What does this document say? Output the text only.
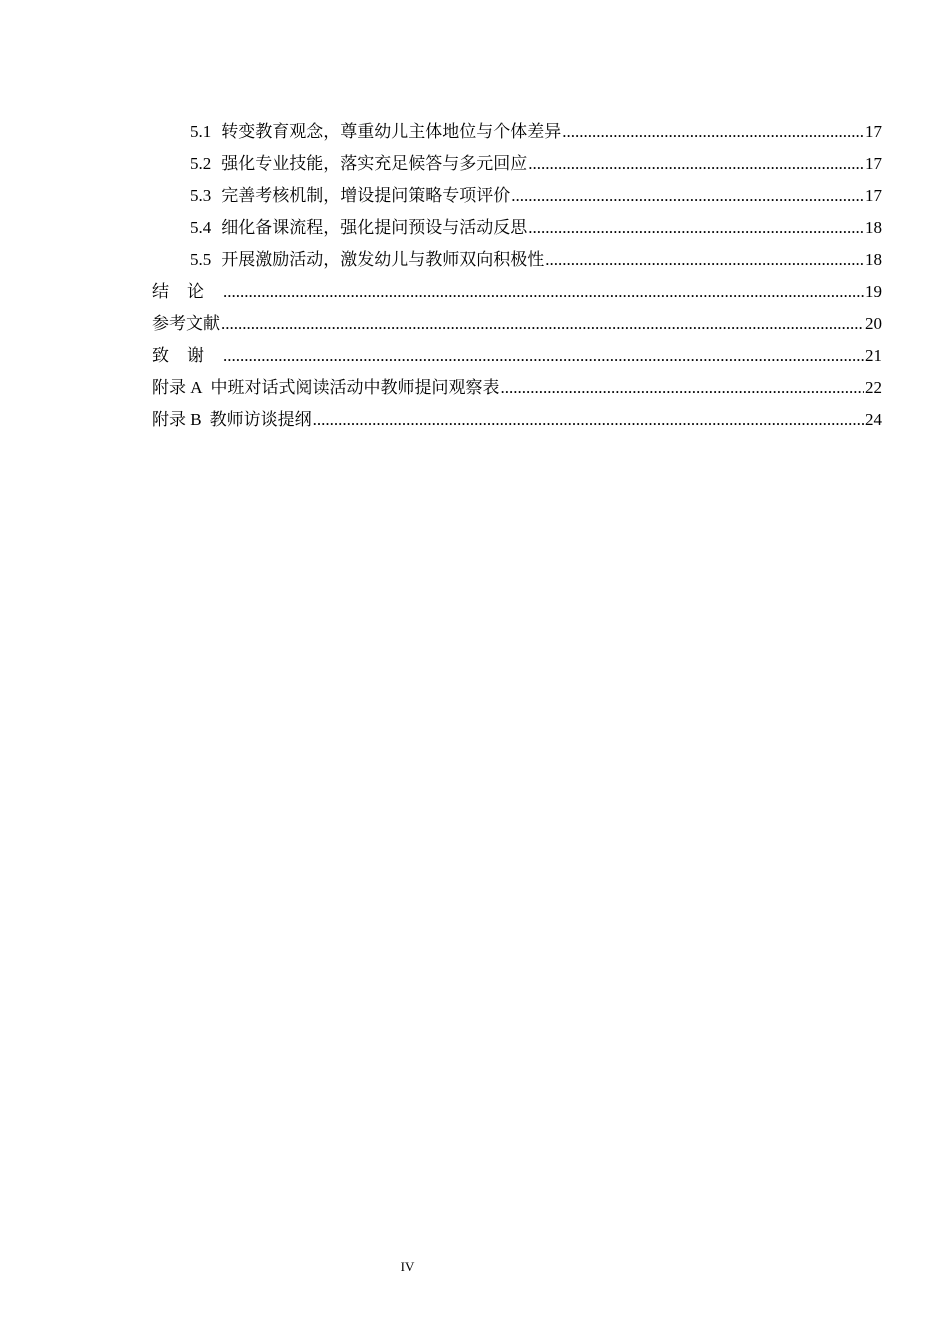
5.1 转变教育观念，尊重幼儿主体地位与个体差异 .....	17
5.2 强化专业技能，落实充足候答与多元回应 .....	17
5.3 完善考核机制，增设提问策略专项评价 .....	17
5.4 细化备课流程，强化提问预设与活动反思 .....	18
5.5 开展激励活动，激发幼儿与教师双向积极性 .....	18
结论 .....	19
参考文献 .....	20
致谢 .....	21
附录 A 中班对话式阅读活动中教师提问观察表 .....	22
附录 B 教师访谈提纲 .....	24
IV
